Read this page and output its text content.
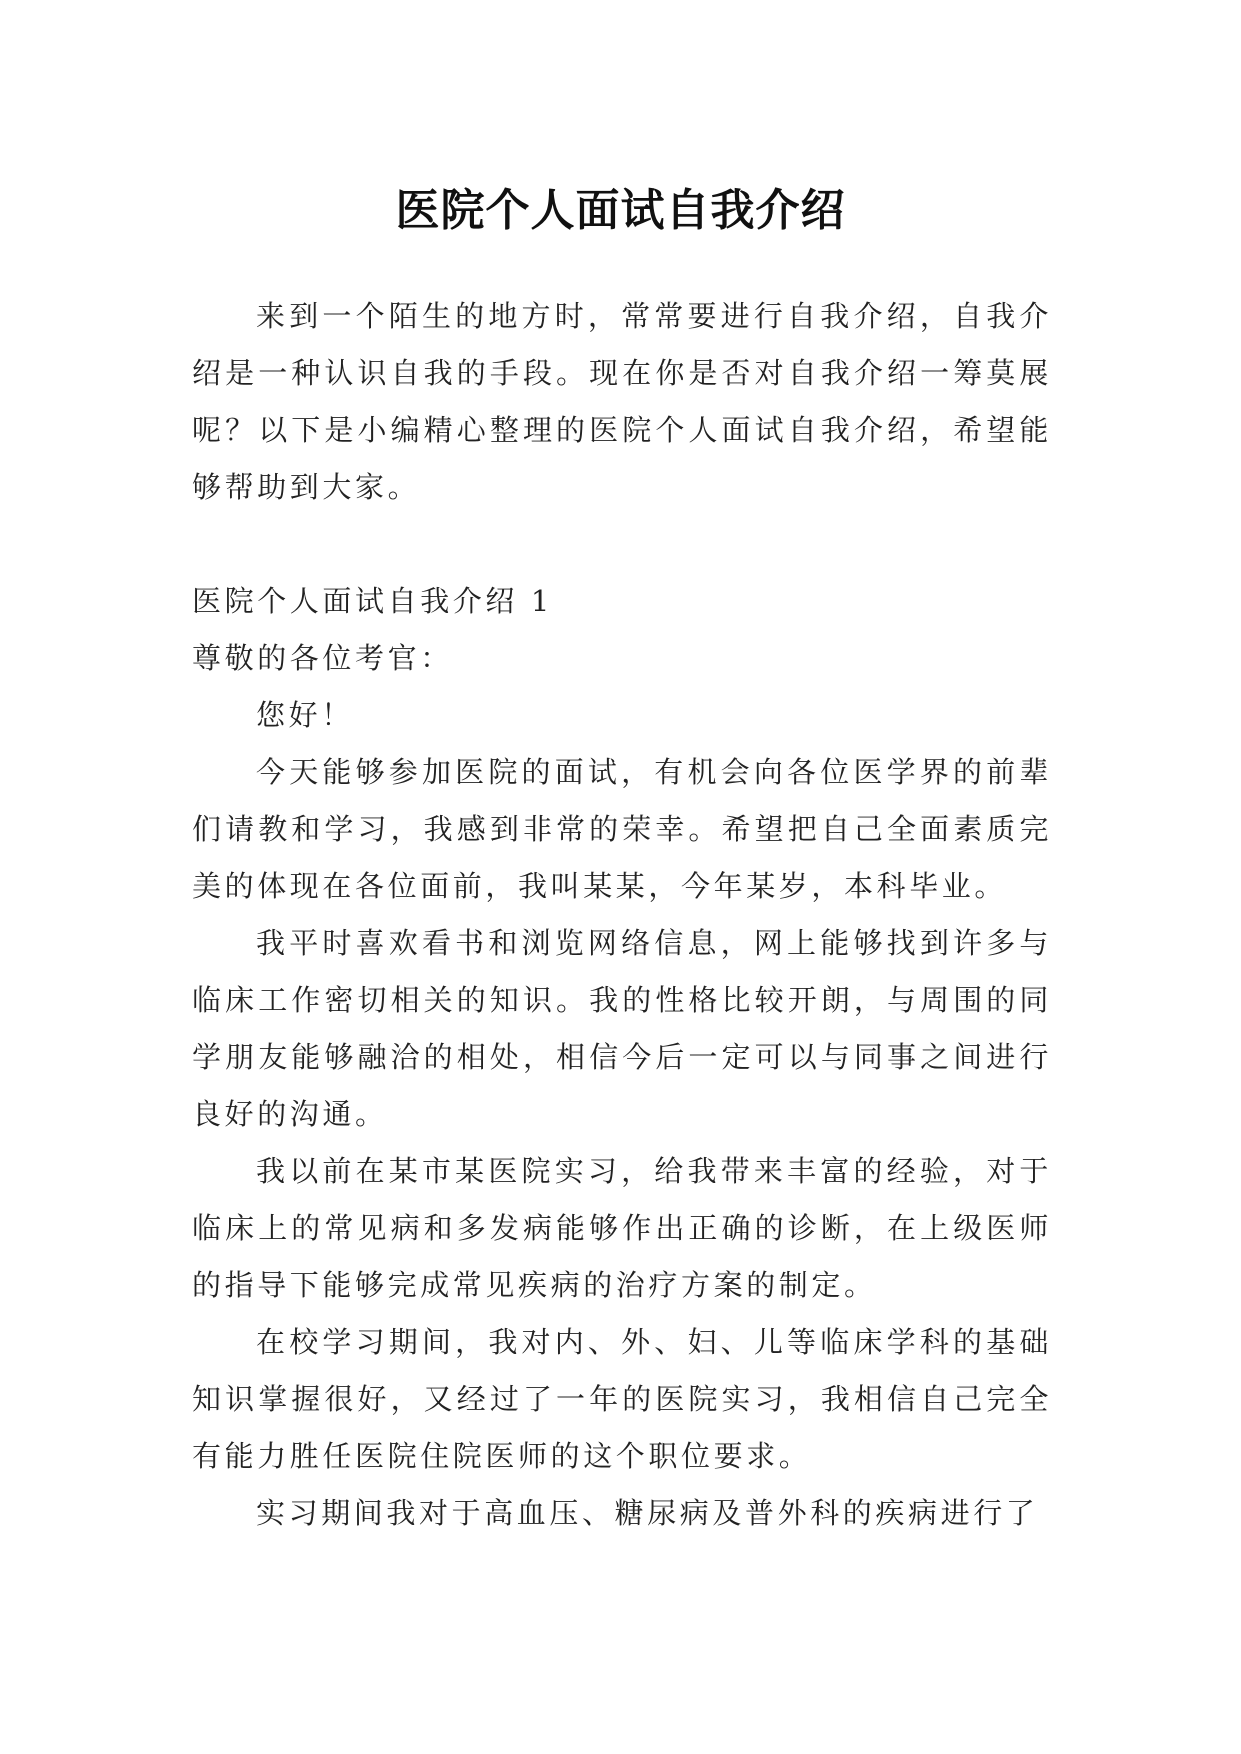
医院个人面试自我介绍

来到一个陌生的地方时，常常要进行自我介绍，自我介绍是一种认识自我的手段。现在你是否对自我介绍一筹莫展呢？以下是小编精心整理的医院个人面试自我介绍，希望能够帮助到大家。

医院个人面试自我介绍 1

尊敬的各位考官：

您好！

今天能够参加医院的面试，有机会向各位医学界的前辈们请教和学习，我感到非常的荣幸。希望把自己全面素质完美的体现在各位面前，我叫某某，今年某岁，本科毕业。

我平时喜欢看书和浏览网络信息，网上能够找到许多与临床工作密切相关的知识。我的性格比较开朗，与周围的同学朋友能够融洽的相处，相信今后一定可以与同事之间进行良好的沟通。

我以前在某市某医院实习，给我带来丰富的经验，对于临床上的常见病和多发病能够作出正确的诊断，在上级医师的指导下能够完成常见疾病的治疗方案的制定。

在校学习期间，我对内、外、妇、儿等临床学科的基础知识掌握很好，又经过了一年的医院实习，我相信自己完全有能力胜任医院住院医师的这个职位要求。

实习期间我对于高血压、糖尿病及普外科的疾病进行了
